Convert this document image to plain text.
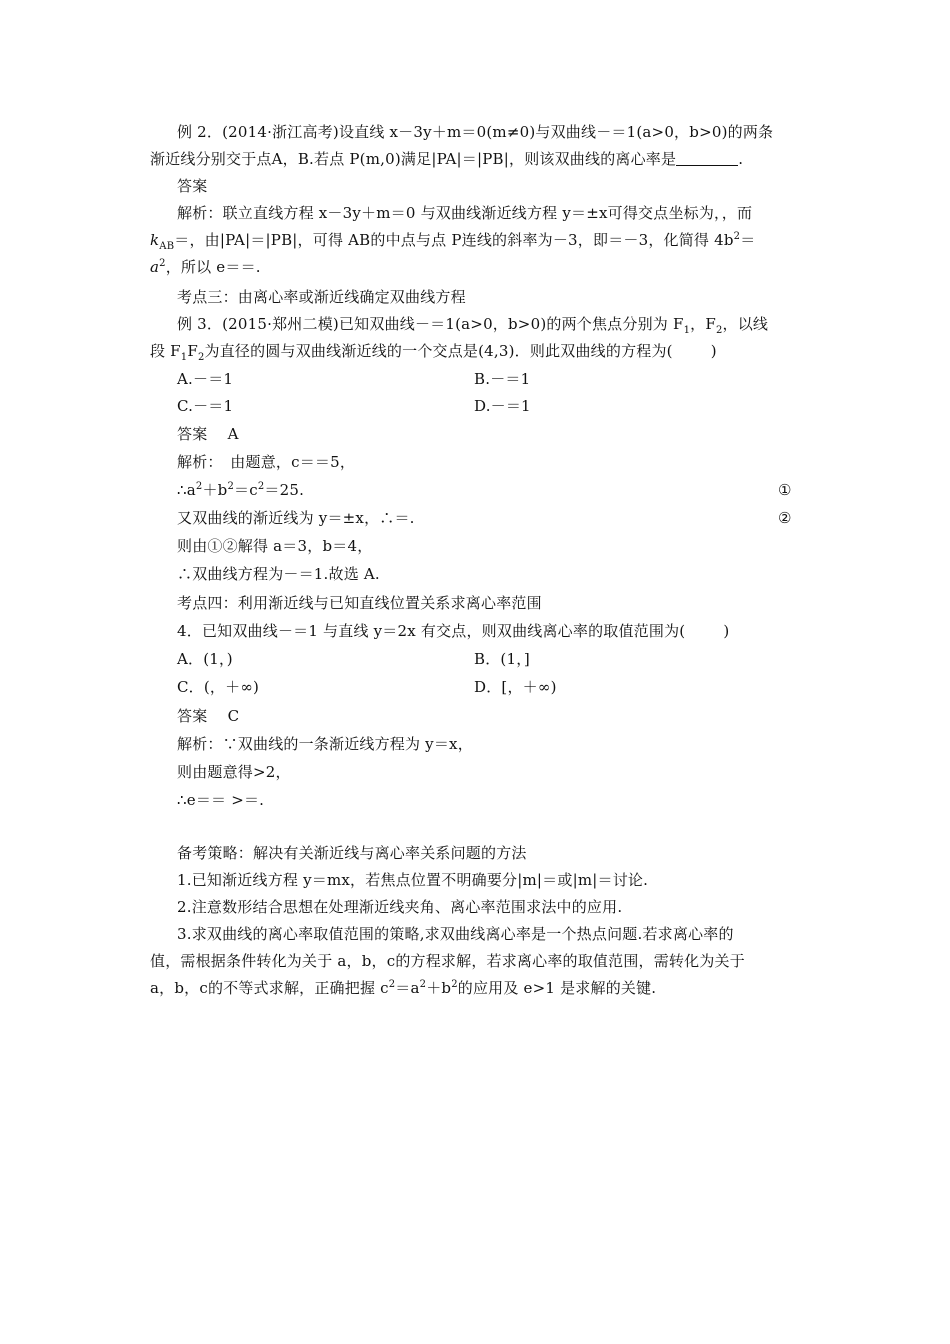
例 2．(2014·浙江高考)设直线 x－3y＋m＝0(m≠0)与双曲线－＝1(a>0，b>0)的两条
渐近线分别交于点A，B.若点 P(m,0)满足|PA|＝|PB|，则该双曲线的离心率是	.
答案
解析：联立直线方程 x－3y＋m＝0 与双曲线渐近线方程 y＝±x可得交点坐标为，，而
$k_{AB}=$，由|PA|＝|PB|，可得 AB的中点与点 P连线的斜率为－3，即＝－3，化简得 $4b^2=$
$a^2$，所以 e＝＝.
考点三：由离心率或渐近线确定双曲线方程
例 3．(2015·郑州二模)已知双曲线－＝1(a>0，b>0)的两个焦点分别为 $F_1$，$F_2$，以线
段 $F_1F_2$为直径的圆与双曲线渐近线的一个交点是(4,3)．则此双曲线的方程为(	)
A.－＝1	B.－＝1
C.－＝1	D.－＝1
答案　 A
解析：　由题意，c＝＝5，
$\therefore a^2+b^2=c^2=25$.	①
又双曲线的渐近线为 y＝±x，∴＝.	②
则由①②解得 a＝3，b＝4，
∴双曲线方程为－＝1.故选 A.
考点四：利用渐近线与已知直线位置关系求离心率范围
4．已知双曲线－＝1 与直线 y＝2x 有交点，则双曲线离心率的取值范围为(	)
A．(1，)	B．(1，]
C．(，＋∞)	D．[，＋∞)
答案　 C
解析：∵双曲线的一条渐近线方程为 y＝x，
则由题意得>2，
∴e＝＝ >＝.
备考策略：解决有关渐近线与离心率关系问题的方法
1.已知渐近线方程 y＝mx，若焦点位置不明确要分|m|＝或|m|＝讨论.
2.注意数形结合思想在处理渐近线夹角、离心率范围求法中的应用.
3.求双曲线的离心率取值范围的策略,求双曲线离心率是一个热点问题.若求离心率的
值，需根据条件转化为关于 a，b，c的方程求解，若求离心率的取值范围，需转化为关于
a，b，c的不等式求解，正确把握 $c^2=a^2+b^2$的应用及 e>1 是求解的关键.
